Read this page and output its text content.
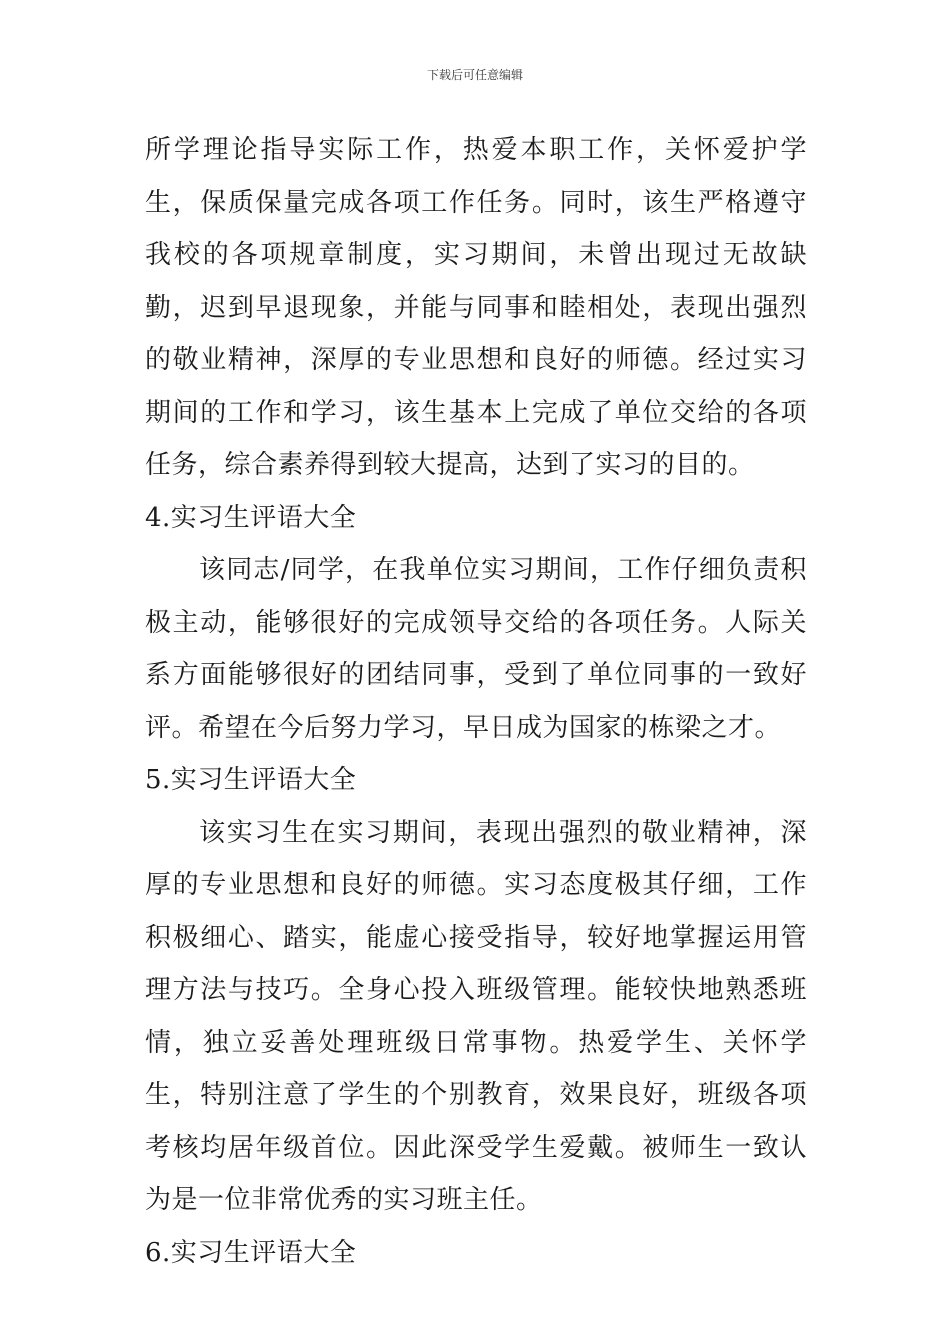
下载后可任意编辑

所学理论指导实际工作，热爱本职工作，关怀爱护学生，保质保量完成各项工作任务。同时，该生严格遵守我校的各项规章制度，实习期间，未曾出现过无故缺勤，迟到早退现象，并能与同事和睦相处，表现出强烈的敬业精神，深厚的专业思想和良好的师德。经过实习期间的工作和学习，该生基本上完成了单位交给的各项任务，综合素养得到较大提高，达到了实习的目的。

4.实习生评语大全

该同志/同学，在我单位实习期间，工作仔细负责积极主动，能够很好的完成领导交给的各项任务。人际关系方面能够很好的团结同事，受到了单位同事的一致好评。希望在今后努力学习，早日成为国家的栋梁之才。

5.实习生评语大全

该实习生在实习期间，表现出强烈的敬业精神，深厚的专业思想和良好的师德。实习态度极其仔细，工作积极细心、踏实，能虚心接受指导，较好地掌握运用管理方法与技巧。全身心投入班级管理。能较快地熟悉班情，独立妥善处理班级日常事物。热爱学生、关怀学生，特别注意了学生的个别教育，效果良好，班级各项考核均居年级首位。因此深受学生爱戴。被师生一致认为是一位非常优秀的实习班主任。

6.实习生评语大全
